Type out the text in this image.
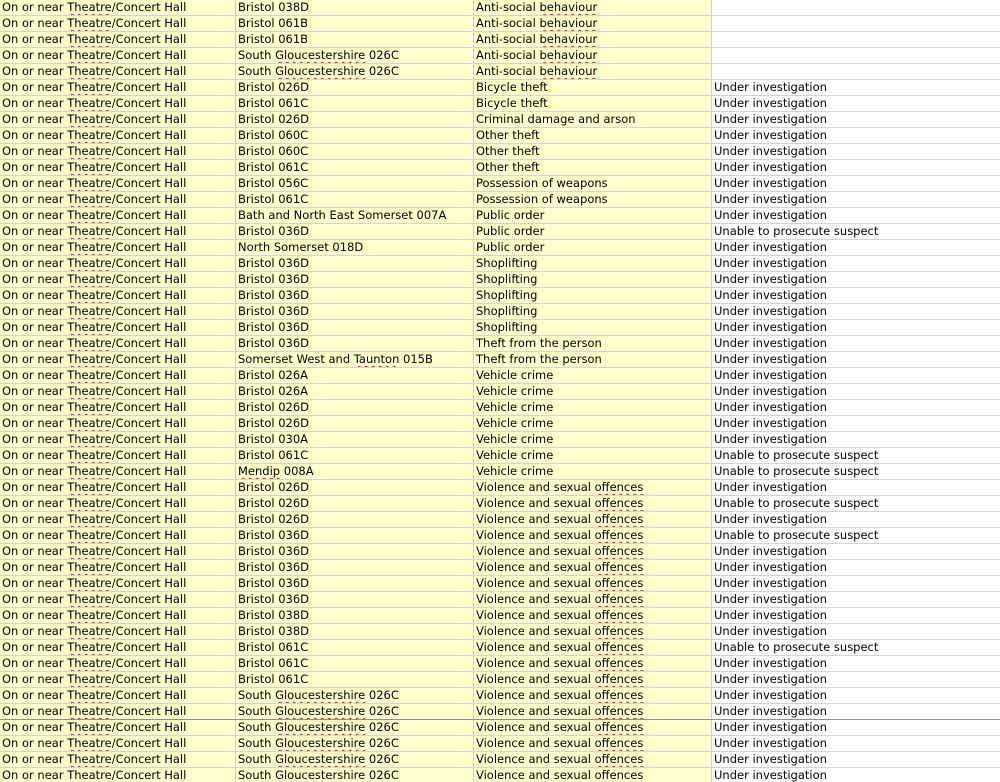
On or near Theatre/Concert Hall	Bristol 038D	Anti-social behaviour
On or near Theatre/Concert Hall	Bristol 061B	Anti-social behaviour
On or near Theatre/Concert Hall	Bristol 061B	Anti-social behaviour
On or near Theatre/Concert Hall	South Gloucestershire 026C	Anti-social behaviour
On or near Theatre/Concert Hall	South Gloucestershire 026C	Anti-social behaviour
On or near Theatre/Concert Hall	Bristol 026D	Bicycle theft	Under investigation
On or near Theatre/Concert Hall	Bristol 061C	Bicycle theft	Under investigation
On or near Theatre/Concert Hall	Bristol 026D	Criminal damage and arson	Under investigation
On or near Theatre/Concert Hall	Bristol 060C	Other theft	Under investigation
On or near Theatre/Concert Hall	Bristol 060C	Other theft	Under investigation
On or near Theatre/Concert Hall	Bristol 061C	Other theft	Under investigation
On or near Theatre/Concert Hall	Bristol 056C	Possession of weapons	Under investigation
On or near Theatre/Concert Hall	Bristol 061C	Possession of weapons	Under investigation
On or near Theatre/Concert Hall	Bath and North East Somerset 007A	Public order	Under investigation
On or near Theatre/Concert Hall	Bristol 036D	Public order	Unable to prosecute suspect
On or near Theatre/Concert Hall	North Somerset 018D	Public order	Under investigation
On or near Theatre/Concert Hall	Bristol 036D	Shoplifting	Under investigation
On or near Theatre/Concert Hall	Bristol 036D	Shoplifting	Under investigation
On or near Theatre/Concert Hall	Bristol 036D	Shoplifting	Under investigation
On or near Theatre/Concert Hall	Bristol 036D	Shoplifting	Under investigation
On or near Theatre/Concert Hall	Bristol 036D	Shoplifting	Under investigation
On or near Theatre/Concert Hall	Bristol 036D	Theft from the person	Under investigation
On or near Theatre/Concert Hall	Somerset West and Taunton 015B	Theft from the person	Under investigation
On or near Theatre/Concert Hall	Bristol 026A	Vehicle crime	Under investigation
On or near Theatre/Concert Hall	Bristol 026A	Vehicle crime	Under investigation
On or near Theatre/Concert Hall	Bristol 026D	Vehicle crime	Under investigation
On or near Theatre/Concert Hall	Bristol 026D	Vehicle crime	Under investigation
On or near Theatre/Concert Hall	Bristol 030A	Vehicle crime	Under investigation
On or near Theatre/Concert Hall	Bristol 061C	Vehicle crime	Unable to prosecute suspect
On or near Theatre/Concert Hall	Mendip 008A	Vehicle crime	Unable to prosecute suspect
On or near Theatre/Concert Hall	Bristol 026D	Violence and sexual offences	Under investigation
On or near Theatre/Concert Hall	Bristol 026D	Violence and sexual offences	Unable to prosecute suspect
On or near Theatre/Concert Hall	Bristol 026D	Violence and sexual offences	Under investigation
On or near Theatre/Concert Hall	Bristol 036D	Violence and sexual offences	Unable to prosecute suspect
On or near Theatre/Concert Hall	Bristol 036D	Violence and sexual offences	Under investigation
On or near Theatre/Concert Hall	Bristol 036D	Violence and sexual offences	Under investigation
On or near Theatre/Concert Hall	Bristol 036D	Violence and sexual offences	Under investigation
On or near Theatre/Concert Hall	Bristol 036D	Violence and sexual offences	Under investigation
On or near Theatre/Concert Hall	Bristol 038D	Violence and sexual offences	Under investigation
On or near Theatre/Concert Hall	Bristol 038D	Violence and sexual offences	Under investigation
On or near Theatre/Concert Hall	Bristol 061C	Violence and sexual offences	Unable to prosecute suspect
On or near Theatre/Concert Hall	Bristol 061C	Violence and sexual offences	Under investigation
On or near Theatre/Concert Hall	Bristol 061C	Violence and sexual offences	Under investigation
On or near Theatre/Concert Hall	South Gloucestershire 026C	Violence and sexual offences	Under investigation
On or near Theatre/Concert Hall	South Gloucestershire 026C	Violence and sexual offences	Under investigation
On or near Theatre/Concert Hall	South Gloucestershire 026C	Violence and sexual offences	Under investigation
On or near Theatre/Concert Hall	South Gloucestershire 026C	Violence and sexual offences	Under investigation
On or near Theatre/Concert Hall	South Gloucestershire 026C	Violence and sexual offences	Under investigation
On or near Theatre/Concert Hall	South Gloucestershire 026C	Violence and sexual offences	Under investigation
